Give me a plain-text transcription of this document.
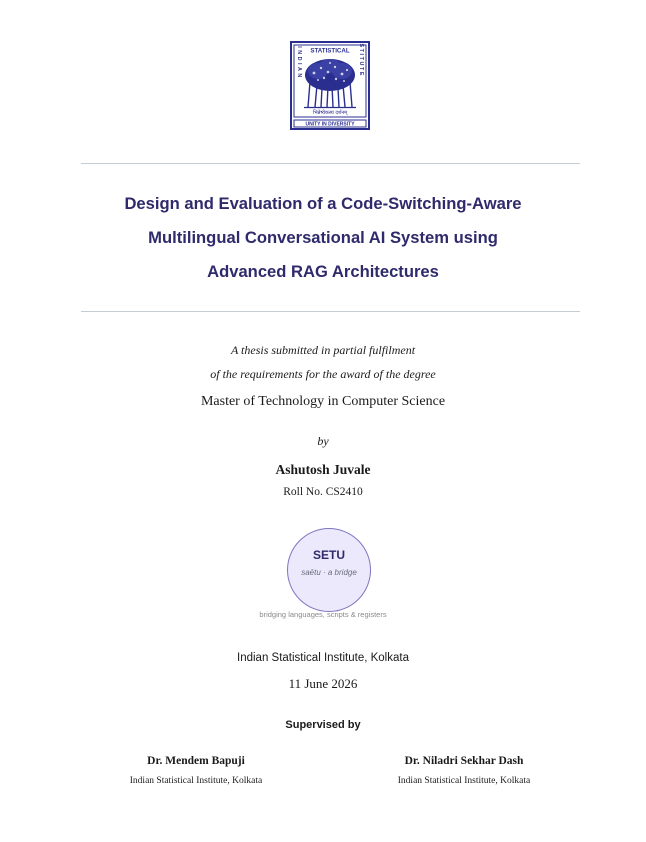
STATISTICAL
INDIAN	INSTITUTE
भिन्नेष्वेकस्य दर्शनम्
UNITY IN DIVERSITY
Design and Evaluation of a Code-Switching-Aware
Multilingual Conversational AI System using
Advanced RAG Architectures
A thesis submitted in partial fulfilment
of the requirements for the award of the degree
Master of Technology in Computer Science
by
Ashutosh Juvale
Roll No. CS2410
SETU
saētu · a bridge
bridging languages, scripts & registers
Indian Statistical Institute, Kolkata
11 June 2026
Supervised by
Dr. Mendem Bapuji
Indian Statistical Institute, Kolkata
Dr. Niladri Sekhar Dash
Indian Statistical Institute, Kolkata
